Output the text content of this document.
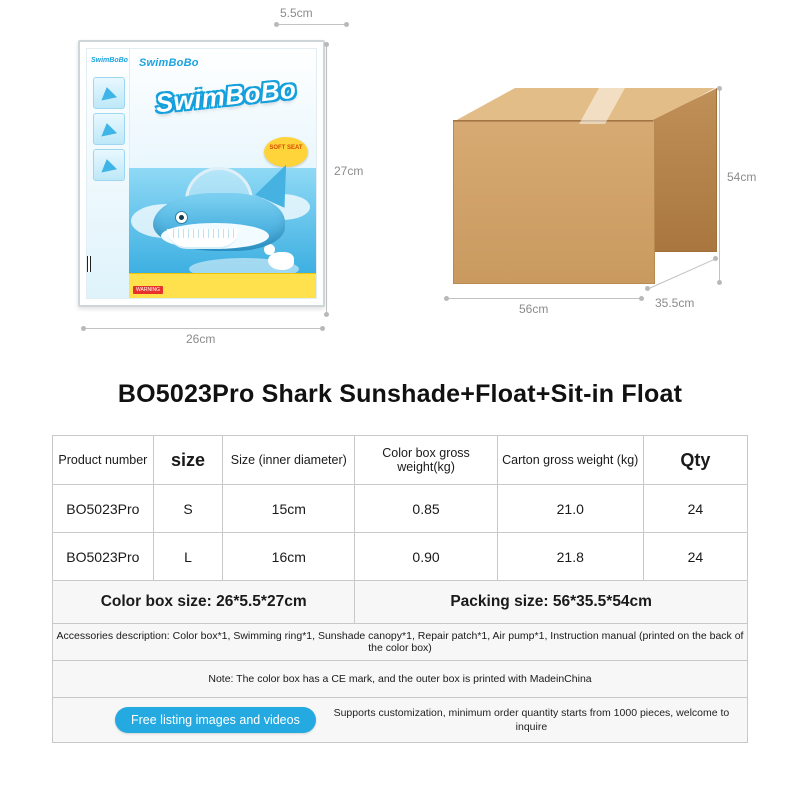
SwimBoBo SwimBoBo
SwimBoBo
SOFT SEAT
WARNING
27cm
26cm
5.5cm
54cm
56cm	35.5cm
BO5023Pro Shark Sunshade+Float+Sit-in Float
Product number	size	Size (inner diameter)	Color box gross weight(kg)	Carton gross weight (kg)	Qty
BO5023Pro	S	15cm	0.85	21.0	24
BO5023Pro	L	16cm	0.90	21.8	24
Color box size: 26*5.5*27cm			Packing size: 56*35.5*54cm		
Accessories description: Color box*1, Swimming ring*1, Sunshade canopy*1, Repair patch*1, Air pump*1, Instruction manual (printed on the back of the color box)					
Note: The color box has a CE mark, and the outer box is printed with MadeinChina					

Free listing images and videos Supports customization, minimum order quantity starts from 1000 pieces, welcome to inquire					
